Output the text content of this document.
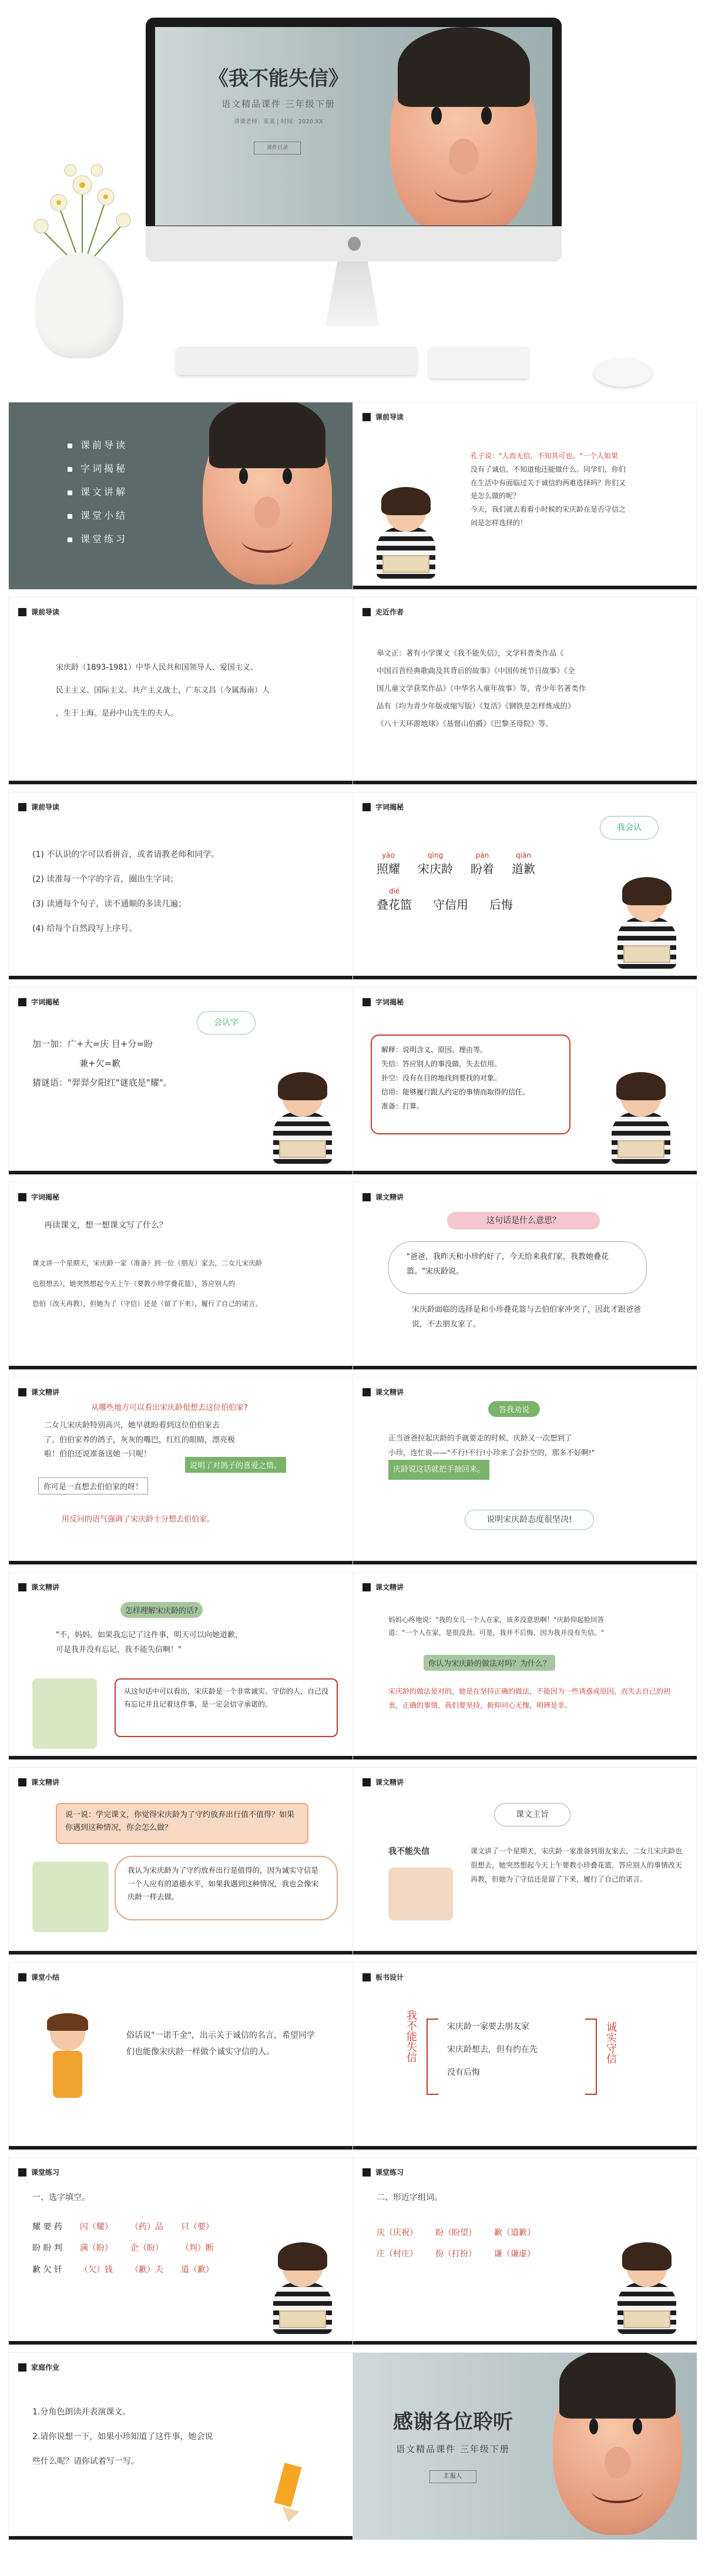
《我不能失信》
语文精品课件 三年级下册
讲课老师：某某 | 时间：2020.XX
课件目录
课前导读
字词揭秘
课文讲解
课堂小结
课堂练习
课前导读
孔子说："人而无信，不知其可也。"一个人如果
没有了诚信，不知道他还能做什么。同学们，你们
在生活中有面临过关于诚信的两难选择吗？你们又
是怎么做的呢？
今天，我们就去看看小时候的宋庆龄在是否守信之
间是怎样选择的！
课前导读
宋庆龄（1893-1981）中华人民共和国领导人、爱国主义、
民主主义、国际主义、共产主义战士，广东文昌（今属海南）人
，生于上海。是孙中山先生的夫人。
走近作者
皋文正：著有小学课文《我不能失信》，文学科普类作品《
中国百首经典歌曲及其背后的故事》《中国传统节日故事》《全
国儿童文学获奖作品》《中华名人童年故事》等，青少年名著类作
品有（均为青少年版或缩写版）《复活》《钢铁是怎样炼成的》
《八十天环游地球》《基督山伯爵》《巴黎圣母院》等。
课前导读
(1) 不认识的字可以看拼音，或者请教老师和同学。
(2) 读准每一个字的字音，圈出生字词；
(3) 读通每个句子，读不通顺的多读几遍；
(4) 给每个自然段写上序号。
字词揭秘
我会认
yào
照耀
qìng
宋庆龄
pàn
盼着
qiàn
道歉
dié
叠花篮
守信用
后悔
字词揭秘
会认字
加一加：广+大=庆 目+分=盼
兼+欠=歉
猜谜语："羿羿夕阳红"谜底是"耀"。
字词揭秘
解释：说明含义、原因、理由等。
失信：答应别人的事没做，失去信用。
扑空：没有在目的地找到要找的对象。
信用：能够履行跟人约定的事情而取得的信任。
准备：打算。
字词揭秘
再读课文，想一想课文写了什么？
课文讲一个星期天，宋庆龄一家（准备）到一位（朋友）家去，二女儿宋庆龄
也很想去），她突然想起今天上午（要教小珍学叠花篮），答应别人的
恐怕（改天再教），但她为了（守信）还是（留了下来），履行了自己的诺言。
课文精讲
这句话是什么意思？
"爸爸，我昨天和小珍约好了，今天给来我们家，我教她叠花篮。"宋庆龄说。
宋庆龄面临的选择是和小珍叠花篮与去伯伯家冲突了，因此才跟爸爸说，不去朋友家了。
课文精讲
从哪些地方可以看出宋庆龄很想去这位伯伯家?
二女儿宋庆龄特别高兴，她早就盼着到这位伯伯家去
了。伯伯家养的鸽子，灰灰的嘴巴，红红的眼睛，漂亮极
啦！伯伯还说准备送她一只呢！
说明了对鸽子的喜爱之情。
你可是一直想去伯伯家的呀！
用反问的语气强调了宋庆龄十分想去伯伯家。
课文精讲
答我劝说
正当爸爸拉起庆龄的手就要走的时候，庆龄又一次想到了
小珍，连忙说——"不行!不行!小珍来了会扑空的，那多不好啊!"
庆龄说这话就把手抽回来。
说明宋庆龄态度很坚决!
课文精讲
怎样理解宋庆龄的话?
"不，妈妈。如果我忘记了这件事，明天可以向她道歉，
可是我并没有忘记，我不能失信啊！"
从这句话中可以看出，宋庆龄是一个非常诚实、守信的人，自己没有忘记并且记着这件事，是一定会信守承诺的。
课文精讲
妈妈心疼地说："我的女儿一个人在家，该多没意思啊！"庆龄仰起脸回答
道："一个人在家，是很没劲。可是，我并不后悔，因为我并没有失信。"
你认为宋庆龄的做法对吗？为什么？
宋庆龄的做法是对的，她是在坚持正确的做法，不能因为一些诱惑或原因，而失去自己的初衷，正确的事情，我们要坚持，俯仰问心无愧，明辨是非。
课文精讲
说一说：学完课文，你觉得宋庆龄为了守约放弃出行值不值得？如果你遇到这种情况，你会怎么做？
我认为宋庆龄为了守约放弃出行是值得的，因为诚实守信是一个人应有的道德水平，如果我遇到这种情况，我也会像宋庆龄一样去做。
课文精讲
课文主旨
我不能失信	课文讲了一个星期天，宋庆龄一家准备到朋友家去，二女儿宋庆龄也很想去，她突然想起今天上午要教小珍叠花篮，答应别人的事情改天再教，但她为了守信还是留了下来，履行了自己的诺言。
课堂小结
俗话说"一诺千金"，出示关于诚信的名言，希望同学们也能像宋庆龄一样做个诚实守信的人。
板书设计
我不能失信	宋庆龄一家要去朋友家
宋庆龄想去，但有约在先
没有后悔
诚实守信
课堂练习
一、选字填空。
耀 要 药 闪（耀） （药）品 只（要）
盼 盼 判 满（盼） 企（盼） （判）断
歉 欠 钎 （欠）钱 （歉）夫 道（歉）
课堂练习
二、形近字组词。
庆（庆祝） 盼（盼望） 歉（道歉）
庄（村庄） 扮（打扮） 谦（谦虚）
家庭作业
1.分角色朗读并表演课文。
2.请你说想一下，如果小珍知道了这件事，她会说
些什么呢？请你试着写一写。
感谢各位聆听
语文精品课件 三年级下册
汇报人
